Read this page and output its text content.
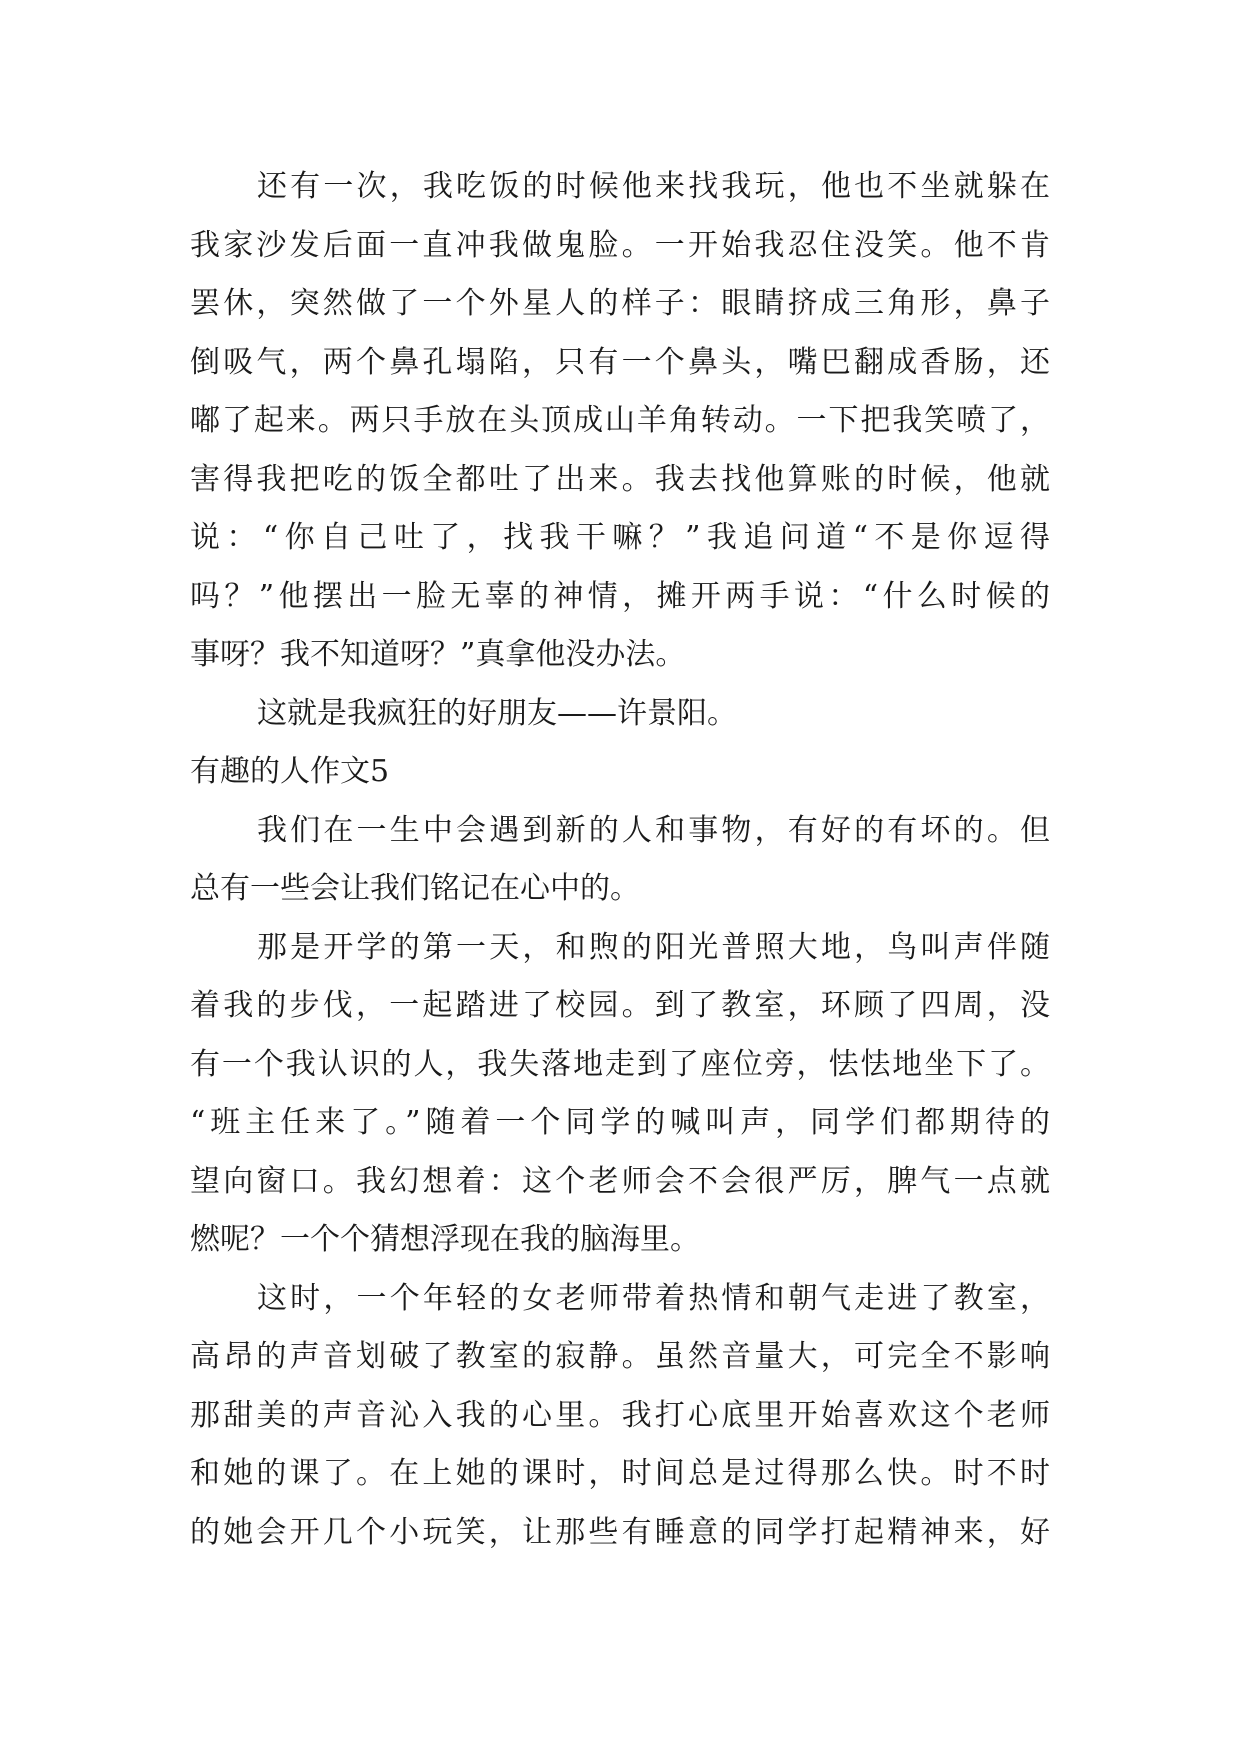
还有一次，我吃饭的时候他来找我玩，他也不坐就躲在
我家沙发后面一直冲我做鬼脸。一开始我忍住没笑。他不肯
罢休，突然做了一个外星人的样子：眼睛挤成三角形，鼻子
倒吸气，两个鼻孔塌陷，只有一个鼻头，嘴巴翻成香肠，还
嘟了起来。两只手放在头顶成山羊角转动。一下把我笑喷了，
害得我把吃的饭全都吐了出来。我去找他算账的时候，他就
说：“你自己吐了，找我干嘛？”我追问道“不是你逗得
吗？”他摆出一脸无辜的神情，摊开两手说：“什么时候的
事呀？我不知道呀？”真拿他没办法。
这就是我疯狂的好朋友——许景阳。
有趣的人作文5
我们在一生中会遇到新的人和事物，有好的有坏的。但
总有一些会让我们铭记在心中的。
那是开学的第一天，和煦的阳光普照大地，鸟叫声伴随
着我的步伐，一起踏进了校园。到了教室，环顾了四周，没
有一个我认识的人，我失落地走到了座位旁，怯怯地坐下了。
“班主任来了。”随着一个同学的喊叫声，同学们都期待的
望向窗口。我幻想着：这个老师会不会很严厉，脾气一点就
燃呢？一个个猜想浮现在我的脑海里。
这时，一个年轻的女老师带着热情和朝气走进了教室，
高昂的声音划破了教室的寂静。虽然音量大，可完全不影响
那甜美的声音沁入我的心里。我打心底里开始喜欢这个老师
和她的课了。在上她的课时，时间总是过得那么快。时不时
的她会开几个小玩笑，让那些有睡意的同学打起精神来，好
